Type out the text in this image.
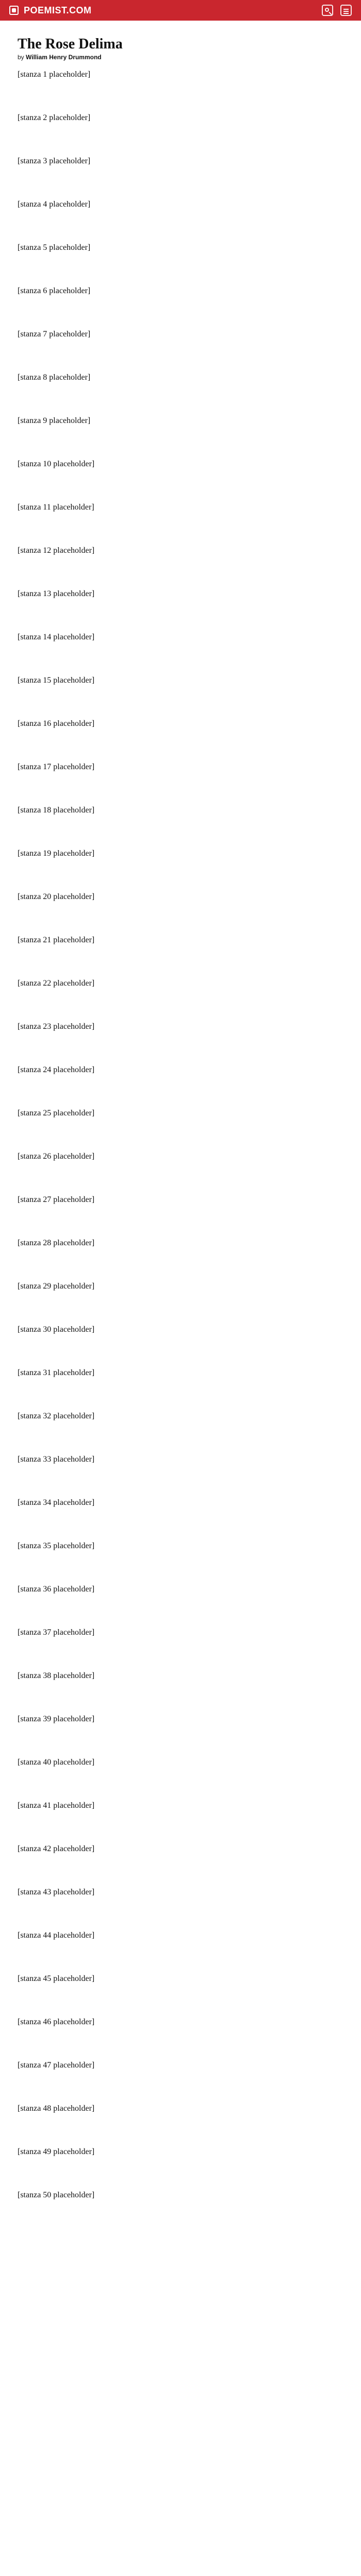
POEMIST.COM
The Rose Delima
by William Henry Drummond
[stanza 1 placeholder]
[stanza 2 placeholder]
[stanza 3 placeholder]
[stanza 4 placeholder]
[stanza 5 placeholder]
[stanza 6 placeholder]
[stanza 7 placeholder]
[stanza 8 placeholder]
[stanza 9 placeholder]
[stanza 10 placeholder]
[stanza 11 placeholder]
[stanza 12 placeholder]
[stanza 13 placeholder]
[stanza 14 placeholder]
[stanza 15 placeholder]
[stanza 16 placeholder]
[stanza 17 placeholder]
[stanza 18 placeholder]
[stanza 19 placeholder]
[stanza 20 placeholder]
[stanza 21 placeholder]
[stanza 22 placeholder]
[stanza 23 placeholder]
[stanza 24 placeholder]
[stanza 25 placeholder]
[stanza 26 placeholder]
[stanza 27 placeholder]
[stanza 28 placeholder]
[stanza 29 placeholder]
[stanza 30 placeholder]
[stanza 31 placeholder]
[stanza 32 placeholder]
[stanza 33 placeholder]
[stanza 34 placeholder]
[stanza 35 placeholder]
[stanza 36 placeholder]
[stanza 37 placeholder]
[stanza 38 placeholder]
[stanza 39 placeholder]
[stanza 40 placeholder]
[stanza 41 placeholder]
[stanza 42 placeholder]
[stanza 43 placeholder]
[stanza 44 placeholder]
[stanza 45 placeholder]
[stanza 46 placeholder]
[stanza 47 placeholder]
[stanza 48 placeholder]
[stanza 49 placeholder]
[stanza 50 placeholder]
